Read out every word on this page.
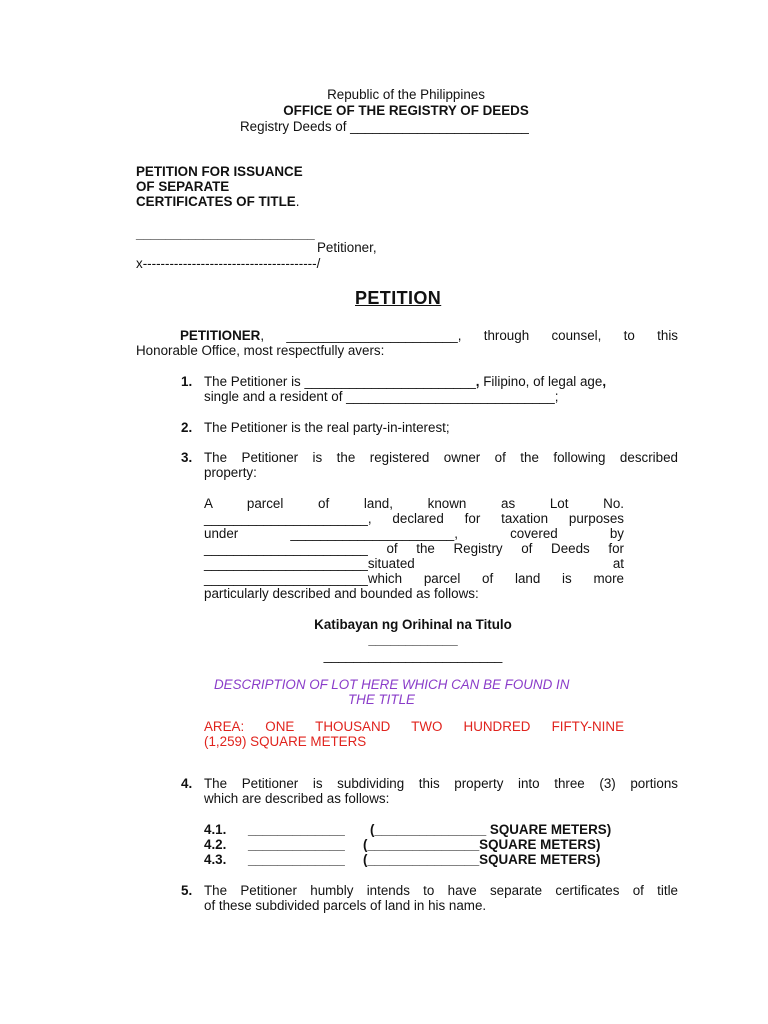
Republic of the Philippines
OFFICE OF THE REGISTRY OF DEEDS
Registry Deeds of ________________________
PETITION FOR ISSUANCE
OF SEPARATE
CERTIFICATES OF TITLE.
________________________
Petitioner,
x---------------------------------------/
PETITION
PETITIONER, _______________________, through counsel, to this
Honorable Office, most respectfully avers:
1. The Petitioner is _______________________, Filipino, of legal age,
single and a resident of ____________________________;
2. The Petitioner is the real party-in-interest;
3. The Petitioner is the registered owner of the following described
property:
A parcel of land, known as Lot No.
______________________, declared for taxation purposes
under ______________________, covered by
______________________ of the Registry of Deeds for
______________________situated at
______________________which parcel of land is more
particularly described and bounded as follows:
Katibayan ng Orihinal na Titulo
____________
________________________
DESCRIPTION OF LOT HERE WHICH CAN BE FOUND IN
THE TITLE
AREA: ONE THOUSAND TWO HUNDRED FIFTY-NINE
(1,259) SQUARE METERS
4. The Petitioner is subdividing this property into three (3) portions
which are described as follows:
4.1. _____________ (_______________ SQUARE METERS)
4.2. _____________ (_______________SQUARE METERS)
4.3. _____________ (_______________SQUARE METERS)
5. The Petitioner humbly intends to have separate certificates of title
of these subdivided parcels of land in his name.
